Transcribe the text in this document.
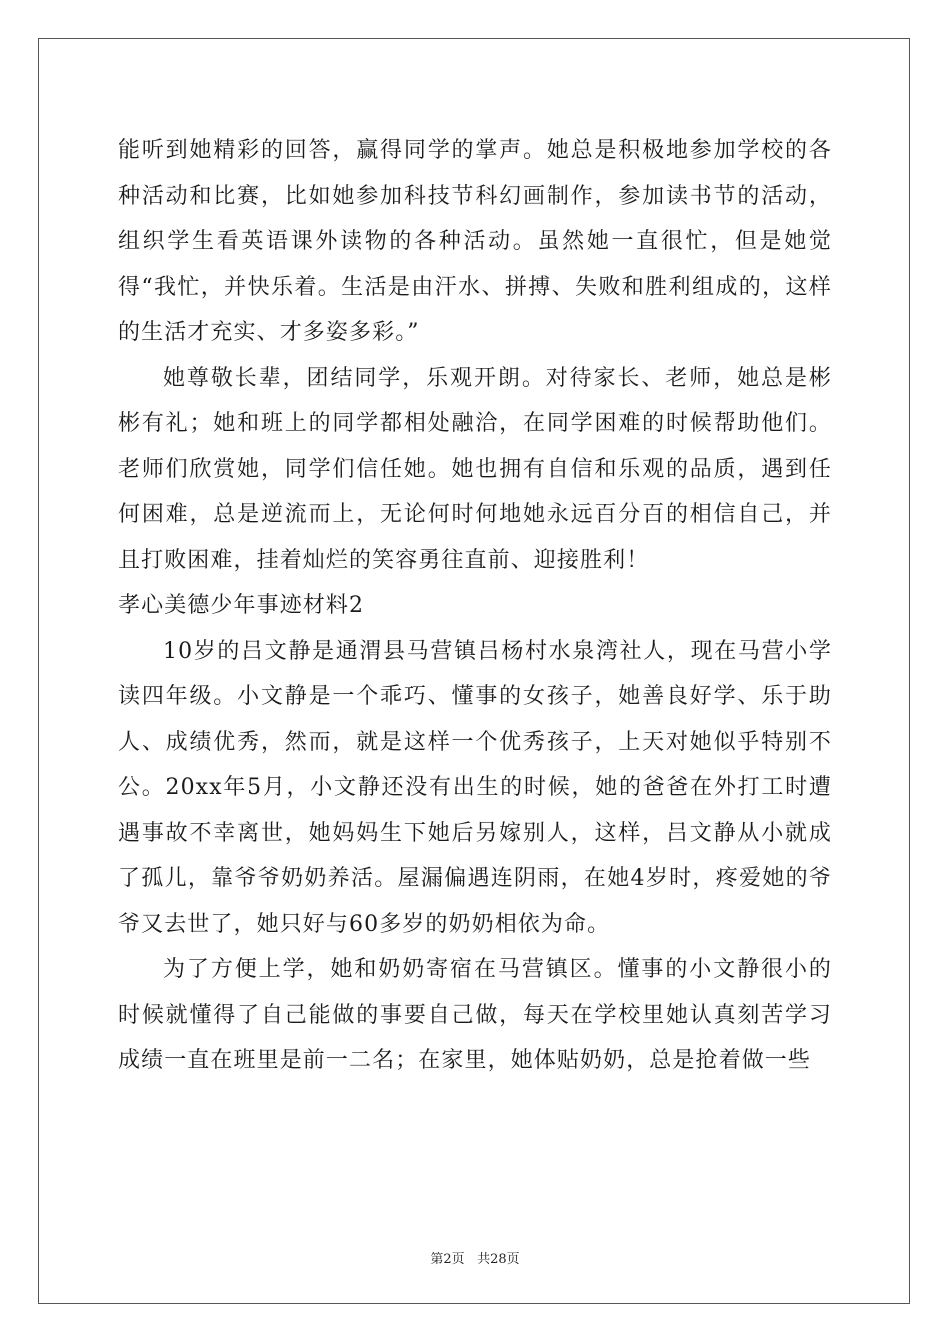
能听到她精彩的回答，赢得同学的掌声。她总是积极地参加学校的各种活动和比赛，比如她参加科技节科幻画制作，参加读书节的活动，组织学生看英语课外读物的各种活动。虽然她一直很忙，但是她觉得“我忙，并快乐着。生活是由汗水、拼搏、失败和胜利组成的，这样的生活才充实、才多姿多彩。”

她尊敬长辈，团结同学，乐观开朗。对待家长、老师，她总是彬彬有礼；她和班上的同学都相处融洽，在同学困难的时候帮助他们。老师们欣赏她，同学们信任她。她也拥有自信和乐观的品质，遇到任何困难，总是逆流而上，无论何时何地她永远百分百的相信自己，并且打败困难，挂着灿烂的笑容勇往直前、迎接胜利！

孝心美德少年事迹材料2

10岁的吕文静是通渭县马营镇吕杨村水泉湾社人，现在马营小学读四年级。小文静是一个乖巧、懂事的女孩子，她善良好学、乐于助人、成绩优秀，然而，就是这样一个优秀孩子，上天对她似乎特别不公。20xx年5月，小文静还没有出生的时候，她的爸爸在外打工时遭遇事故不幸离世，她妈妈生下她后另嫁别人，这样，吕文静从小就成了孤儿，靠爷爷奶奶养活。屋漏偏遇连阴雨，在她4岁时，疼爱她的爷爷又去世了，她只好与60多岁的奶奶相依为命。

为了方便上学，她和奶奶寄宿在马营镇区。懂事的小文静很小的时候就懂得了自己能做的事要自己做，每天在学校里她认真刻苦学习成绩一直在班里是前一二名；在家里，她体贴奶奶，总是抢着做一些

第2页 共28页
